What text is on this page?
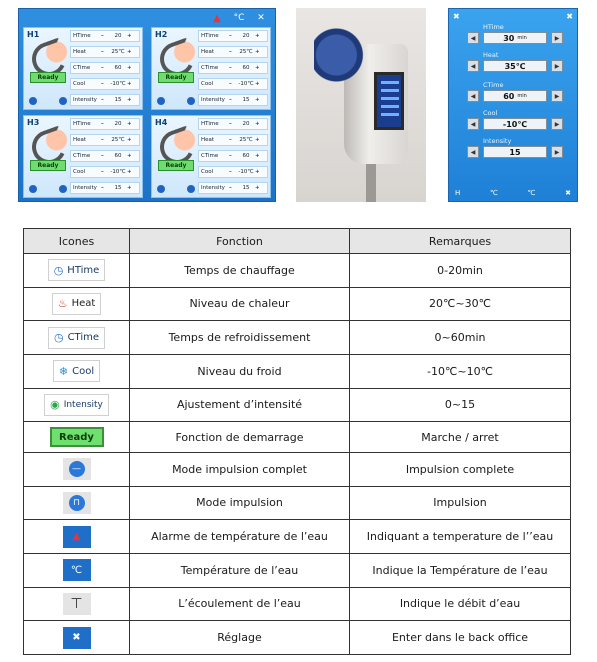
▲	°C	✕
H1
Ready
HTime	–	20	+
Heat	–	25℃ +
CTime	–	60	+
Cool	–	-10℃ +
Intensity –	15	+
H2
Ready
HTime	–	20	+
Heat	–	25℃ +
CTime	–	60	+
Cool	–	-10℃ +
Intensity –	15	+
H3
Ready
HTime	–	20	+
Heat	–	25℃ +
CTime	–	60	+
Cool	–	-10℃ +
Intensity –	15	+
H4
Ready
HTime	–	20	+
Heat	–	25℃ +
CTime	–	60	+
Cool	–	-10℃ +
Intensity –	15	+
✖	✖
HTime
◀	30 min	▶
Heat
◀	35℃	▶
CTime
◀	60 min	▶
Cool
◀	-10℃	▶
Intensity
◀	15	▶
H	℃	℃	✖
Icones	Fonction	Remarques

◷ HTime	Temps de chauffage	0-20min

♨ Heat	Niveau de chaleur	20℃~30℃

◷ CTime	Temps de refroidissement	0~60min

❄ Cool	Niveau du froid	-10℃~10℃

◉ Intensity	Ajustement d’intensité	0~15
Ready	Fonction de demarrage	Marche / arret

—	Mode impulsion complet	Impulsion complete

⊓	Mode impulsion	Impulsion

▲	Alarme de température de l’eau	Indiquant a temperature de l’’eau
℃	Température de l’eau	Indique la Température de l’eau

⊤	L’écoulement de l’eau	Indique le débit d’eau
✖	Réglage	Enter dans le back office
